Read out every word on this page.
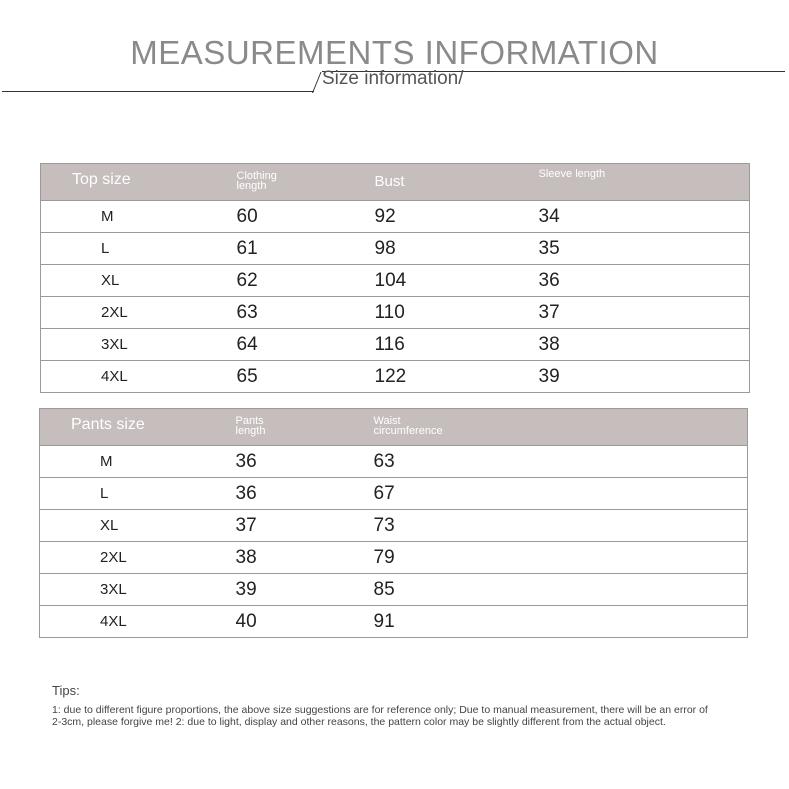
MEASUREMENTS INFORMATION
Size information/
Top size	Clothing length	Bust	Sleeve length

M	60	92	34
L	61	98	35
XL	62	104	36
2XL	63	110	37
3XL	64	116	38
4XL	65	122	39
Pants size	Pants length	Waist circumference

M	36	63
L	36	67
XL	37	73
2XL	38	79
3XL	39	85
4XL	40	91
Tips:
1: due to different figure proportions, the above size suggestions are for reference only; Due to manual measurement, there will be an error of 2-3cm, please forgive me! 2: due to light, display and other reasons, the pattern color may be slightly different from the actual object.
